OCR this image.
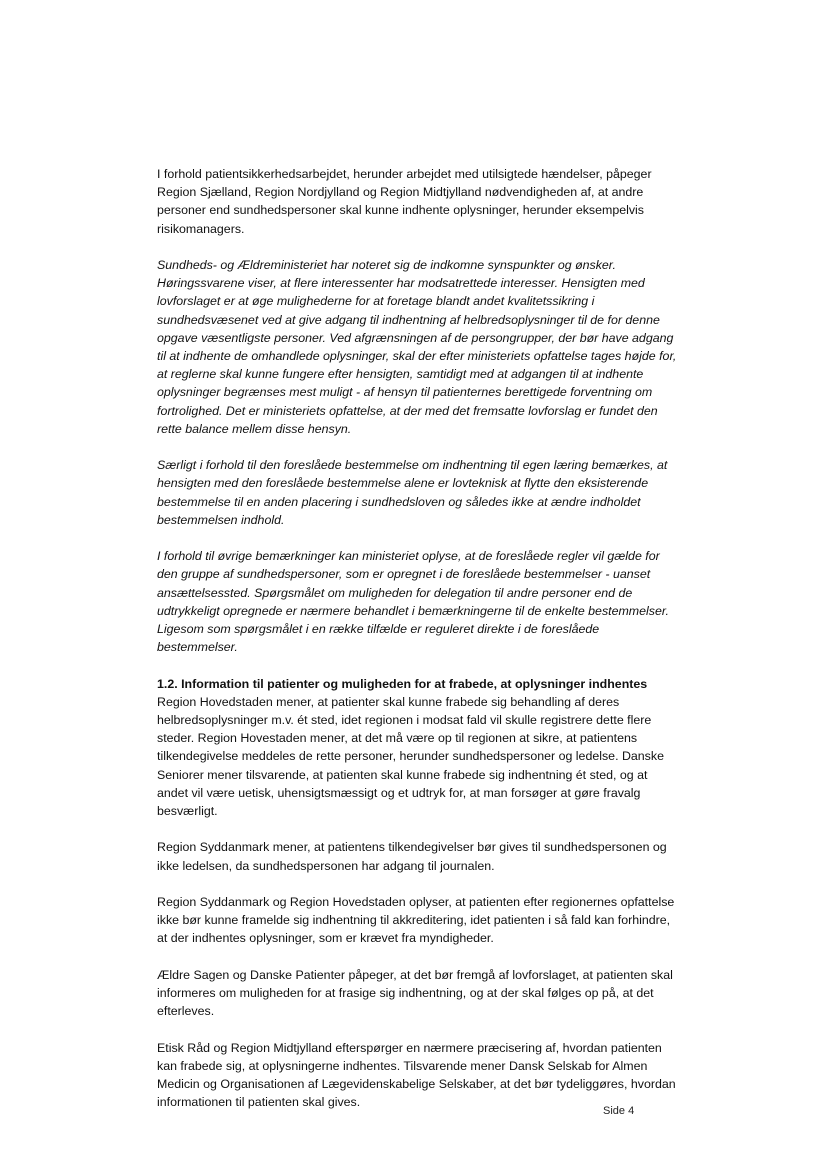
I forhold patientsikkerhedsarbejdet, herunder arbejdet med utilsigtede hændelser, påpeger Region Sjælland, Region Nordjylland og Region Midtjylland nødvendigheden af, at andre personer end sundhedspersoner skal kunne indhente oplysninger, herunder eksempelvis risikomanagers.

Sundheds- og Ældreministeriet har noteret sig de indkomne synspunkter og ønsker. Høringssvarene viser, at flere interessenter har modsatrettede interesser. Hensigten med lovforslaget er at øge mulighederne for at foretage blandt andet kvalitetssikring i sundhedsvæsenet ved at give adgang til indhentning af helbredsoplysninger til de for denne opgave væsentligste personer. Ved afgrænsningen af de persongrupper, der bør have adgang til at indhente de omhandlede oplysninger, skal der efter ministeriets opfattelse tages højde for, at reglerne skal kunne fungere efter hensigten, samtidigt med at adgangen til at indhente oplysninger begrænses mest muligt - af hensyn til patienternes berettigede forventning om fortrolighed. Det er ministeriets opfattelse, at der med det fremsatte lovforslag er fundet den rette balance mellem disse hensyn.

Særligt i forhold til den foreslåede bestemmelse om indhentning til egen læring bemærkes, at hensigten med den foreslåede bestemmelse alene er lovteknisk at flytte den eksisterende bestemmelse til en anden placering i sundhedsloven og således ikke at ændre indholdet bestemmelsen indhold.

I forhold til øvrige bemærkninger kan ministeriet oplyse, at de foreslåede regler vil gælde for den gruppe af sundhedspersoner, som er opregnet i de foreslåede bestemmelser - uanset ansættelsessted. Spørgsmålet om muligheden for delegation til andre personer end de udtrykkeligt opregnede er nærmere behandlet i bemærkningerne til de enkelte bestemmelser. Ligesom som spørgsmålet i en række tilfælde er reguleret direkte i de foreslåede bestemmelser.

1.2. Information til patienter og muligheden for at frabede, at oplysninger indhentes

Region Hovedstaden mener, at patienter skal kunne frabede sig behandling af deres helbredsoplysninger m.v. ét sted, idet regionen i modsat fald vil skulle registrere dette flere steder. Region Hovestaden mener, at det må være op til regionen at sikre, at patientens tilkendegivelse meddeles de rette personer, herunder sundhedspersoner og ledelse. Danske Seniorer mener tilsvarende, at patienten skal kunne frabede sig indhentning ét sted, og at andet vil være uetisk, uhensigtsmæssigt og et udtryk for, at man forsøger at gøre fravalg besværligt.

Region Syddanmark mener, at patientens tilkendegivelser bør gives til sundhedspersonen og ikke ledelsen, da sundhedspersonen har adgang til journalen.

Region Syddanmark og Region Hovedstaden oplyser, at patienten efter regionernes opfattelse ikke bør kunne framelde sig indhentning til akkreditering, idet patienten i så fald kan forhindre, at der indhentes oplysninger, som er krævet fra myndigheder.

Ældre Sagen og Danske Patienter påpeger, at det bør fremgå af lovforslaget, at patienten skal informeres om muligheden for at frasige sig indhentning, og at der skal følges op på, at det efterleves.

Etisk Råd og Region Midtjylland efterspørger en nærmere præcisering af, hvordan patienten kan frabede sig, at oplysningerne indhentes. Tilsvarende mener Dansk Selskab for Almen Medicin og Organisationen af Lægevidenskabelige Selskaber, at det bør tydeliggøres, hvordan informationen til patienten skal gives.

Side 4
